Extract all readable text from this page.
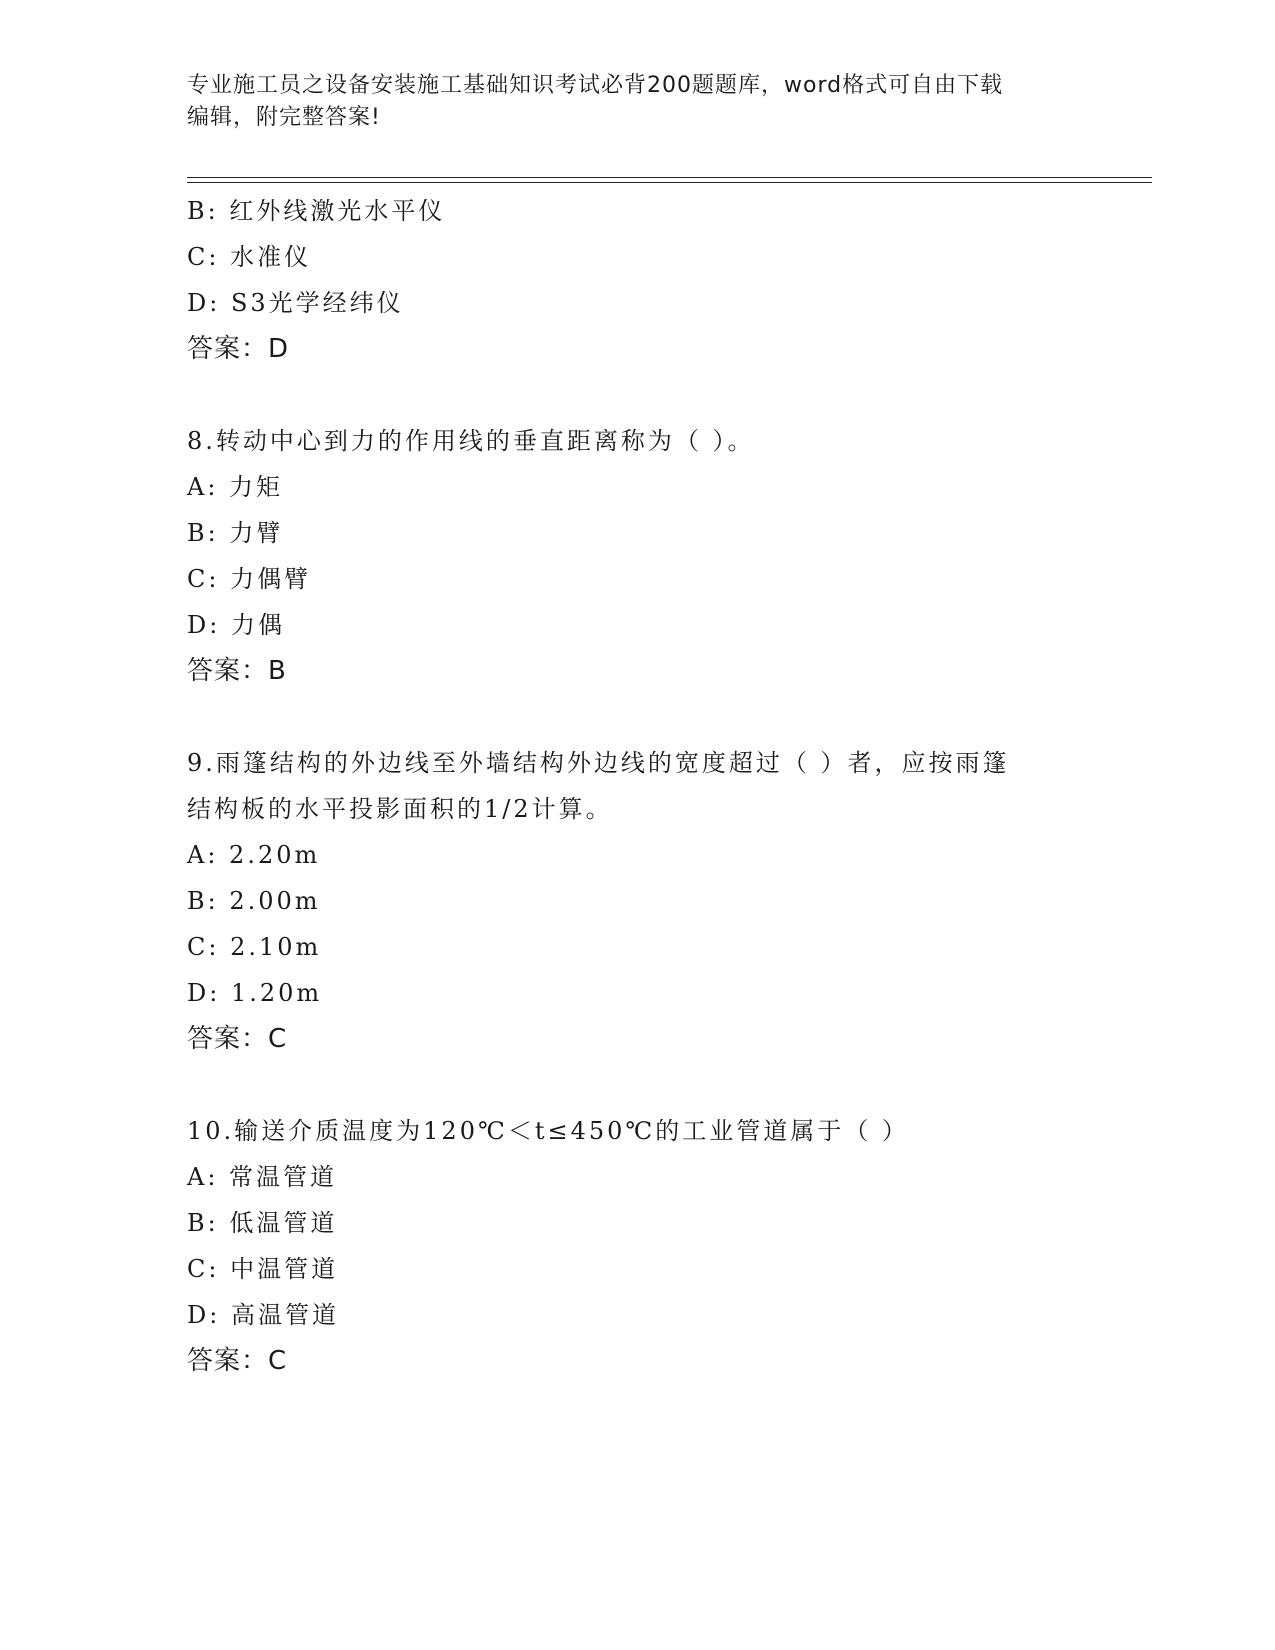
专业施工员之设备安装施工基础知识考试必背200题题库，word格式可自由下载
编辑，附完整答案!
B: 红外线激光水平仪
C: 水准仪
D: S3光学经纬仪
答案：D
8.转动中心到力的作用线的垂直距离称为（ ）。
A: 力矩
B: 力臂
C: 力偶臂
D: 力偶
答案：B
9.雨篷结构的外边线至外墙结构外边线的宽度超过（ ）者，应按雨篷
结构板的水平投影面积的1/2计算。
A: 2.20m
B: 2.00m
C: 2.10m
D: 1.20m
答案：C
10.输送介质温度为120℃＜t≤450℃的工业管道属于（ ）
A: 常温管道
B: 低温管道
C: 中温管道
D: 高温管道
答案：C
